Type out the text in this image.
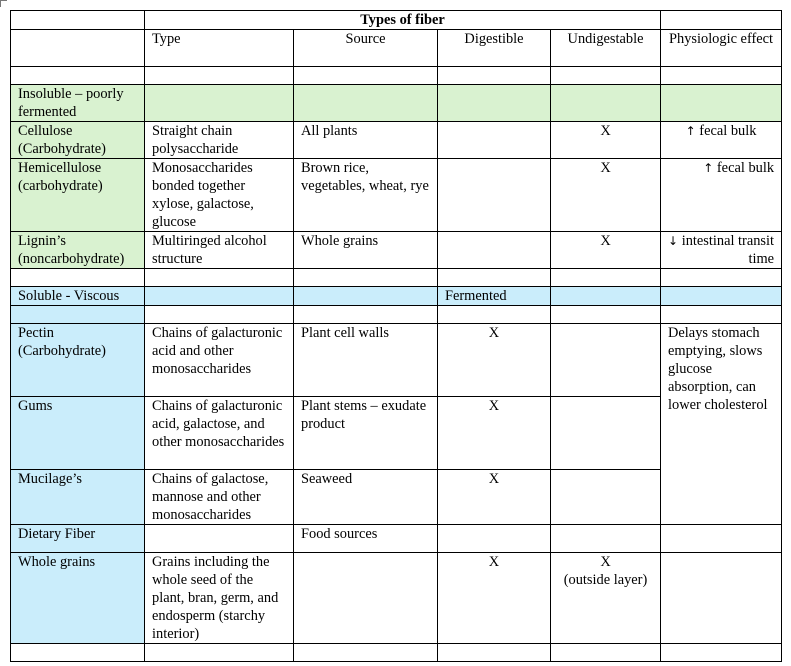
	Types of fiber				
	Type	Source	Digestible	Undigestable	Physiologic effect

Insoluble – poorly fermented					
Cellulose (Carbohydrate)	Straight chain polysaccharide	All plants		X	↑ fecal bulk
Hemicellulose (carbohydrate)	Monosaccharides bonded together xylose, galactose, glucose	Brown rice, vegetables, wheat, rye		X	↑ fecal bulk
Lignin’s (noncarbohydrate)	Multiringed alcohol structure	Whole grains		X	↓ intestinal transit time

Soluble - Viscous			Fermented		

Pectin (Carbohydrate)	Chains of galacturonic acid and other monosaccharides	Plant cell walls	X		Delays stomach emptying, slows glucose absorption, can lower cholesterol
Gums	Chains of galacturonic acid, galactose, and other monosaccharides	Plant stems – exudate product	X		
Mucilage’s	Chains of galactose, mannose and other monosaccharides	Seaweed	X		
Dietary Fiber		Food sources			
Whole grains	Grains including the whole seed of the plant, bran, germ, and endosperm (starchy interior)		X	X
(outside layer)	
